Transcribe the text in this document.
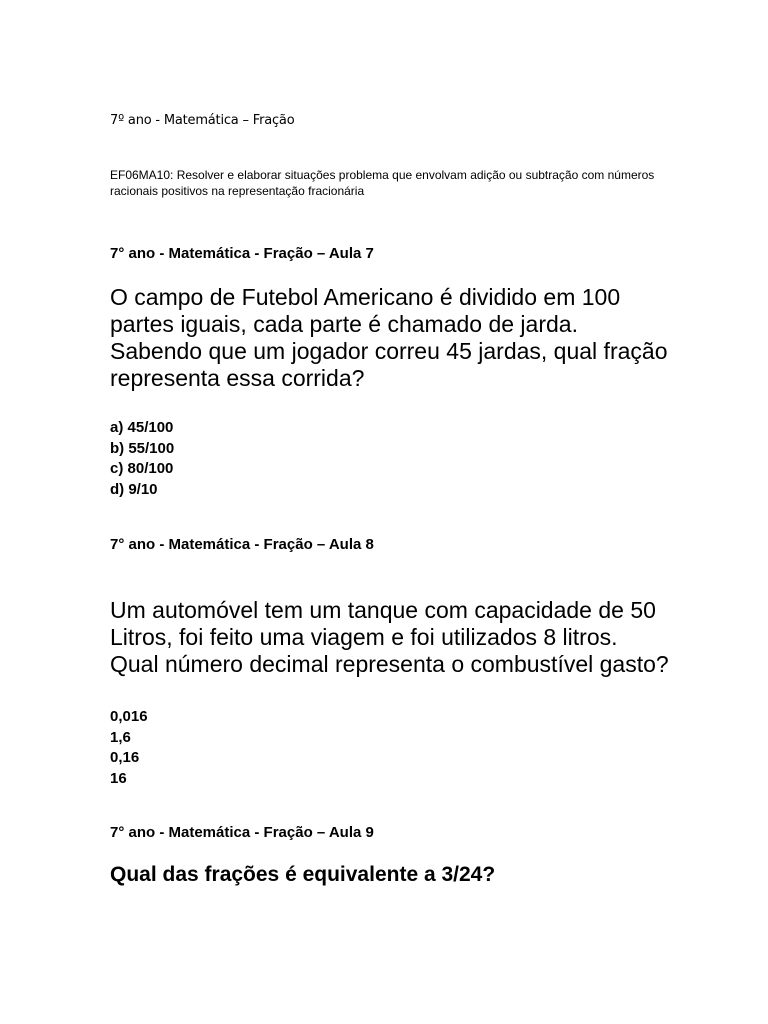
7º ano - Matemática – Fração
EF06MA10: Resolver e elaborar situações problema que envolvam adição ou subtração com números racionais positivos na representação fracionária
7° ano - Matemática - Fração – Aula 7
O campo de Futebol Americano é dividido em 100 partes iguais, cada parte é chamado de jarda. Sabendo que um jogador correu 45 jardas, qual fração representa essa corrida?
a) 45/100
b) 55/100
c) 80/100
d) 9/10
7° ano - Matemática - Fração – Aula 8
Um automóvel tem um tanque com capacidade de 50 Litros, foi feito uma viagem e foi utilizados 8 litros. Qual número decimal representa o combustível gasto?
0,016
1,6
0,16
16
7° ano - Matemática - Fração – Aula 9
Qual das frações é equivalente a 3/24?
